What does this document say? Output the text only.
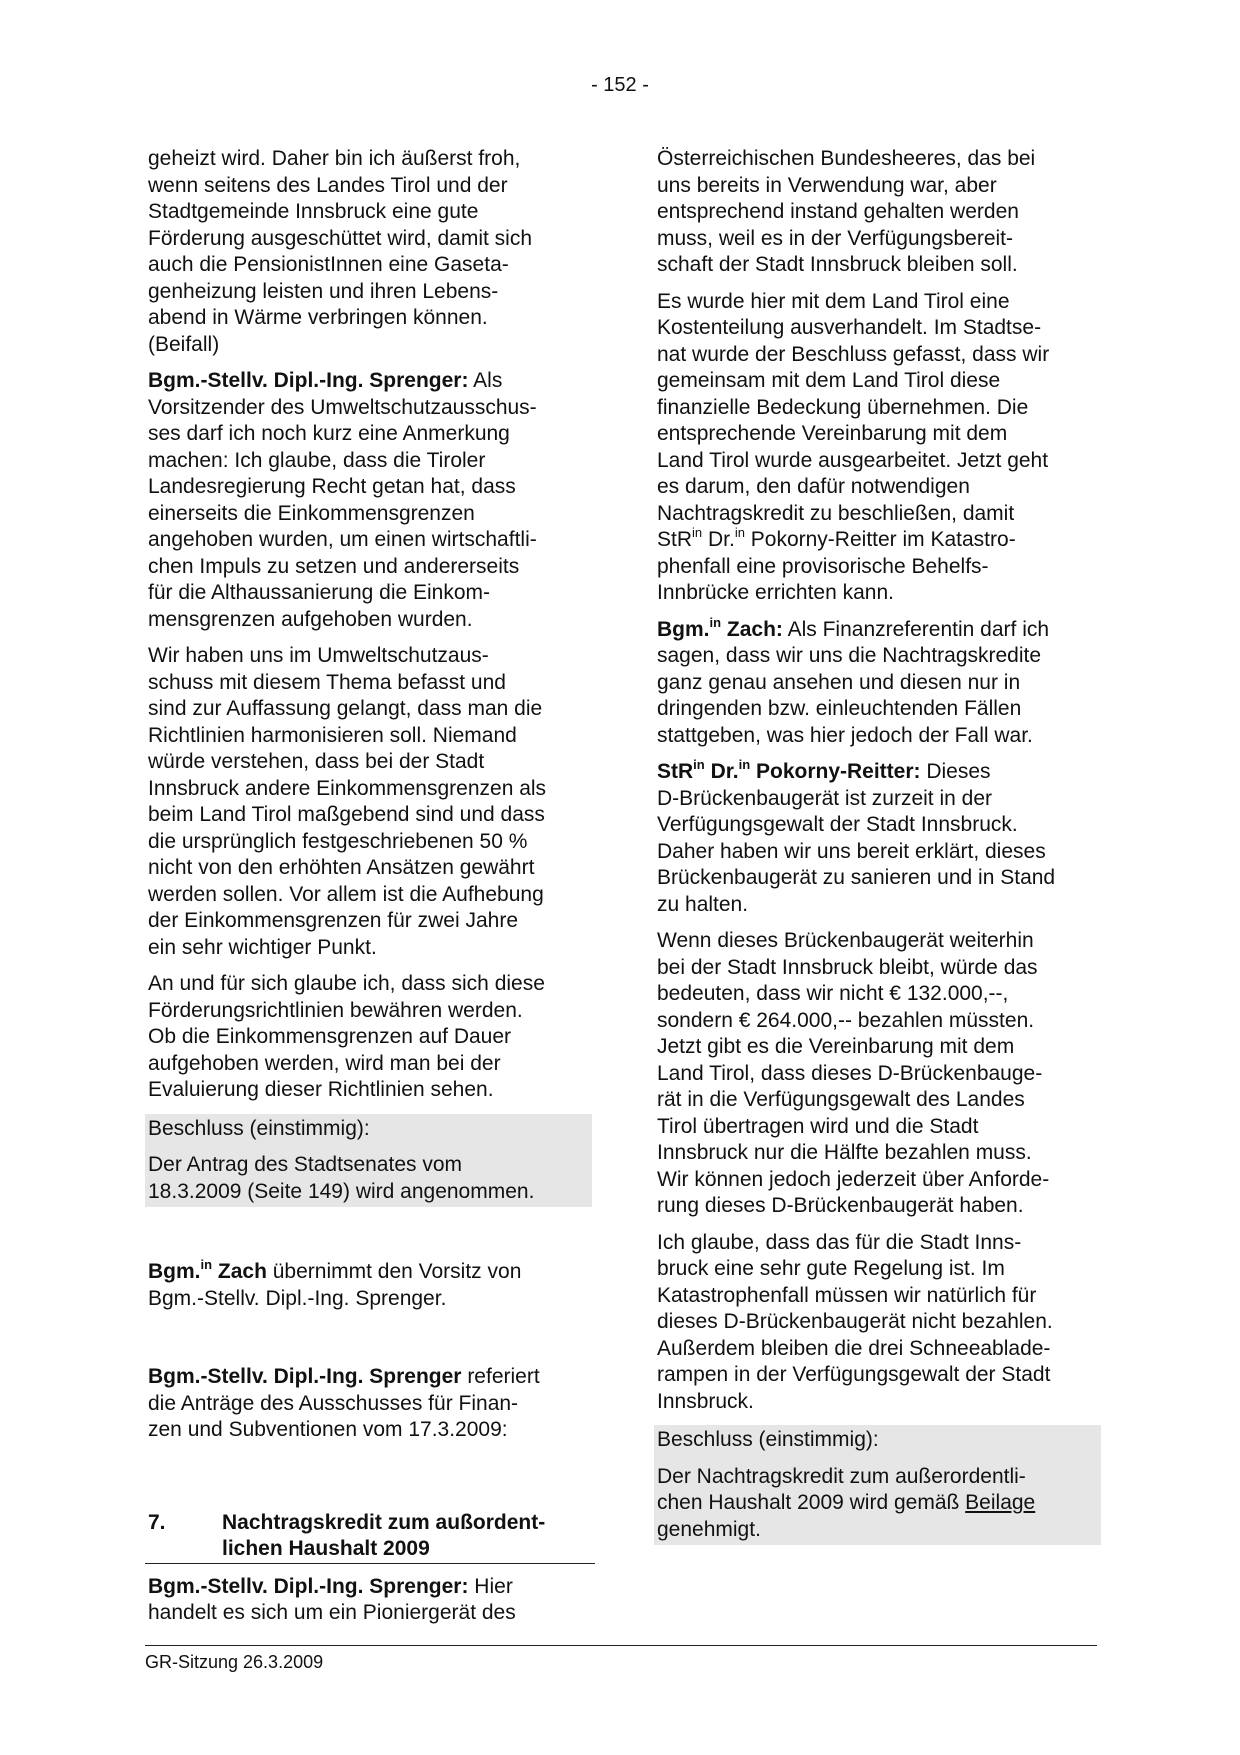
- 152 -

geheizt wird. Daher bin ich äußerst froh,
wenn seitens des Landes Tirol und der
Stadtgemeinde Innsbruck eine gute
Förderung ausgeschüttet wird, damit sich
auch die PensionistInnen eine Gaseta-
genheizung leisten und ihren Lebens-
abend in Wärme verbringen können.
(Beifall)

Bgm.-Stellv. Dipl.-Ing. Sprenger: Als
Vorsitzender des Umweltschutzausschus-
ses darf ich noch kurz eine Anmerkung
machen: Ich glaube, dass die Tiroler
Landesregierung Recht getan hat, dass
einerseits die Einkommensgrenzen
angehoben wurden, um einen wirtschaftli-
chen Impuls zu setzen und andererseits
für die Althaussanierung die Einkom-
mensgrenzen aufgehoben wurden.

Wir haben uns im Umweltschutzaus-
schuss mit diesem Thema befasst und
sind zur Auffassung gelangt, dass man die
Richtlinien harmonisieren soll. Niemand
würde verstehen, dass bei der Stadt
Innsbruck andere Einkommensgrenzen als
beim Land Tirol maßgebend sind und dass
die ursprünglich festgeschriebenen 50 %
nicht von den erhöhten Ansätzen gewährt
werden sollen. Vor allem ist die Aufhebung
der Einkommensgrenzen für zwei Jahre
ein sehr wichtiger Punkt.

An und für sich glaube ich, dass sich diese
Förderungsrichtlinien bewähren werden.
Ob die Einkommensgrenzen auf Dauer
aufgehoben werden, wird man bei der
Evaluierung dieser Richtlinien sehen.

Beschluss (einstimmig):

Der Antrag des Stadtsenates vom
18.3.2009 (Seite 149) wird angenommen.

Bgm.$^{in}$ Zach übernimmt den Vorsitz von
Bgm.-Stellv. Dipl.-Ing. Sprenger.

Bgm.-Stellv. Dipl.-Ing. Sprenger referiert
die Anträge des Ausschusses für Finan-
zen und Subventionen vom 17.3.2009:

7.	Nachtragskredit zum außordent-
lichen Haushalt 2009

Bgm.-Stellv. Dipl.-Ing. Sprenger: Hier
handelt es sich um ein Pioniergerät des

Österreichischen Bundesheeres, das bei
uns bereits in Verwendung war, aber
entsprechend instand gehalten werden
muss, weil es in der Verfügungsbereit-
schaft der Stadt Innsbruck bleiben soll.

Es wurde hier mit dem Land Tirol eine
Kostenteilung ausverhandelt. Im Stadtse-
nat wurde der Beschluss gefasst, dass wir
gemeinsam mit dem Land Tirol diese
finanzielle Bedeckung übernehmen. Die
entsprechende Vereinbarung mit dem
Land Tirol wurde ausgearbeitet. Jetzt geht
es darum, den dafür notwendigen
Nachtragskredit zu beschließen, damit
StR$^{in}$ Dr.$^{in}$ Pokorny-Reitter im Katastro-
phenfall eine provisorische Behelfs-
Innbrücke errichten kann.

Bgm.$^{in}$ Zach: Als Finanzreferentin darf ich
sagen, dass wir uns die Nachtragskredite
ganz genau ansehen und diesen nur in
dringenden bzw. einleuchtenden Fällen
stattgeben, was hier jedoch der Fall war.

StR$^{in}$ Dr.$^{in}$ Pokorny-Reitter: Dieses
D-Brückenbaugerät ist zurzeit in der
Verfügungsgewalt der Stadt Innsbruck.
Daher haben wir uns bereit erklärt, dieses
Brückenbaugerät zu sanieren und in Stand
zu halten.

Wenn dieses Brückenbaugerät weiterhin
bei der Stadt Innsbruck bleibt, würde das
bedeuten, dass wir nicht € 132.000,--,
sondern € 264.000,-- bezahlen müssten.
Jetzt gibt es die Vereinbarung mit dem
Land Tirol, dass dieses D-Brückenbauge-
rät in die Verfügungsgewalt des Landes
Tirol übertragen wird und die Stadt
Innsbruck nur die Hälfte bezahlen muss.
Wir können jedoch jederzeit über Anforde-
rung dieses D-Brückenbaugerät haben.

Ich glaube, dass das für die Stadt Inns-
bruck eine sehr gute Regelung ist. Im
Katastrophenfall müssen wir natürlich für
dieses D-Brückenbaugerät nicht bezahlen.
Außerdem bleiben die drei Schneeablade-
rampen in der Verfügungsgewalt der Stadt
Innsbruck.

Beschluss (einstimmig):

Der Nachtragskredit zum außerordentli-
chen Haushalt 2009 wird gemäß Beilage
genehmigt.

GR-Sitzung 26.3.2009
